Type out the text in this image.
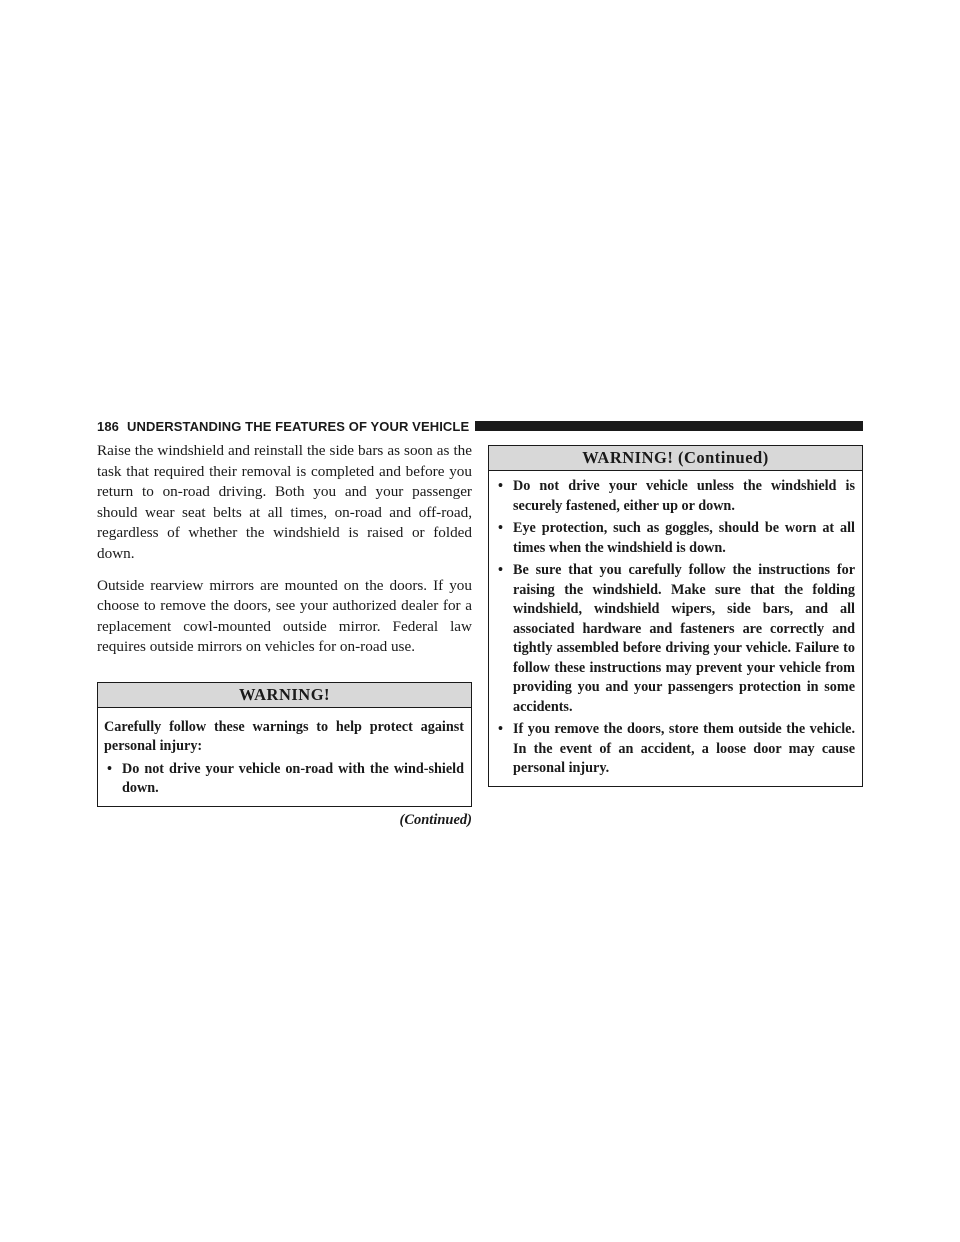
186 UNDERSTANDING THE FEATURES OF YOUR VEHICLE

Raise the windshield and reinstall the side bars as soon as the task that required their removal is completed and before you return to on-road driving. Both you and your passenger should wear seat belts at all times, on-road and off-road, regardless of whether the windshield is raised or folded down.

Outside rearview mirrors are mounted on the doors. If you choose to remove the doors, see your authorized dealer for a replacement cowl-mounted outside mirror. Federal law requires outside mirrors on vehicles for on-road use.

WARNING!

Carefully follow these warnings to help protect against personal injury:

• Do not drive your vehicle on-road with the wind-shield down.
(Continued)
WARNING! (Continued)
• Do not drive your vehicle unless the windshield is securely fastened, either up or down.
• Eye protection, such as goggles, should be worn at all times when the windshield is down.
• Be sure that you carefully follow the instructions for raising the windshield. Make sure that the folding windshield, windshield wipers, side bars, and all associated hardware and fasteners are correctly and tightly assembled before driving your vehicle. Failure to follow these instructions may prevent your vehicle from providing you and your passengers protection in some accidents.
• If you remove the doors, store them outside the vehicle. In the event of an accident, a loose door may cause personal injury.
